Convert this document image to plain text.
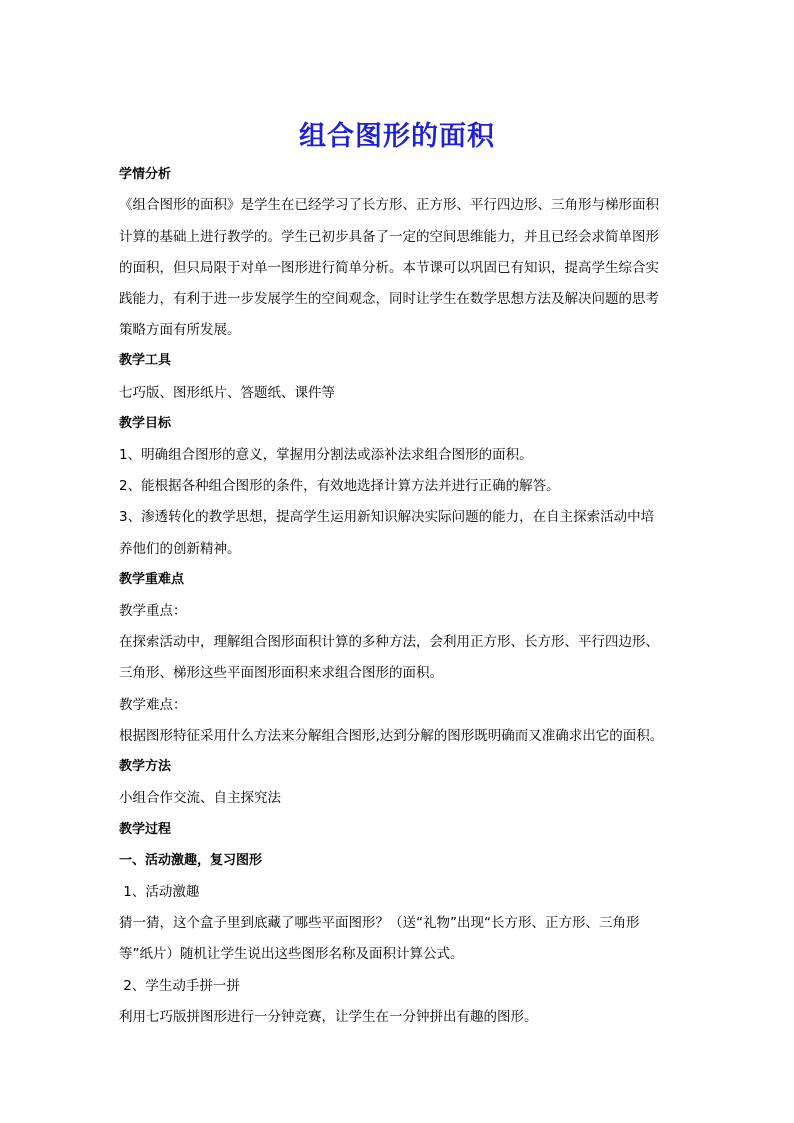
组合图形的面积
学情分析
《组合图形的面积》是学生在已经学习了长方形、正方形、平行四边形、三角形与梯形面积
计算的基础上进行教学的。学生已初步具备了一定的空间思维能力，并且已经会求简单图形
的面积，但只局限于对单一图形进行简单分析。本节课可以巩固已有知识，提高学生综合实
践能力，有利于进一步发展学生的空间观念，同时让学生在数学思想方法及解决问题的思考
策略方面有所发展。
教学工具
七巧版、图形纸片、答题纸、课件等
教学目标
1、明确组合图形的意义，掌握用分割法或添补法求组合图形的面积。
2、能根据各种组合图形的条件，有效地选择计算方法并进行正确的解答。
3、渗透转化的教学思想，提高学生运用新知识解决实际问题的能力，在自主探索活动中培
养他们的创新精神。
教学重难点
教学重点：
在探索活动中，理解组合图形面积计算的多种方法，会利用正方形、长方形、平行四边形、
三角形、梯形这些平面图形面积来求组合图形的面积。
教学难点：
根据图形特征采用什么方法来分解组合图形,达到分解的图形既明确而又准确求出它的面积。
教学方法
小组合作交流、自主探究法
教学过程
一、活动激趣，复习图形
1、活动激趣
猜一猜，这个盒子里到底藏了哪些平面图形？（送“礼物”出现“长方形、正方形、三角形
等”纸片）随机让学生说出这些图形名称及面积计算公式。
2、学生动手拼一拼
利用七巧版拼图形进行一分钟竞赛，让学生在一分钟拼出有趣的图形。
